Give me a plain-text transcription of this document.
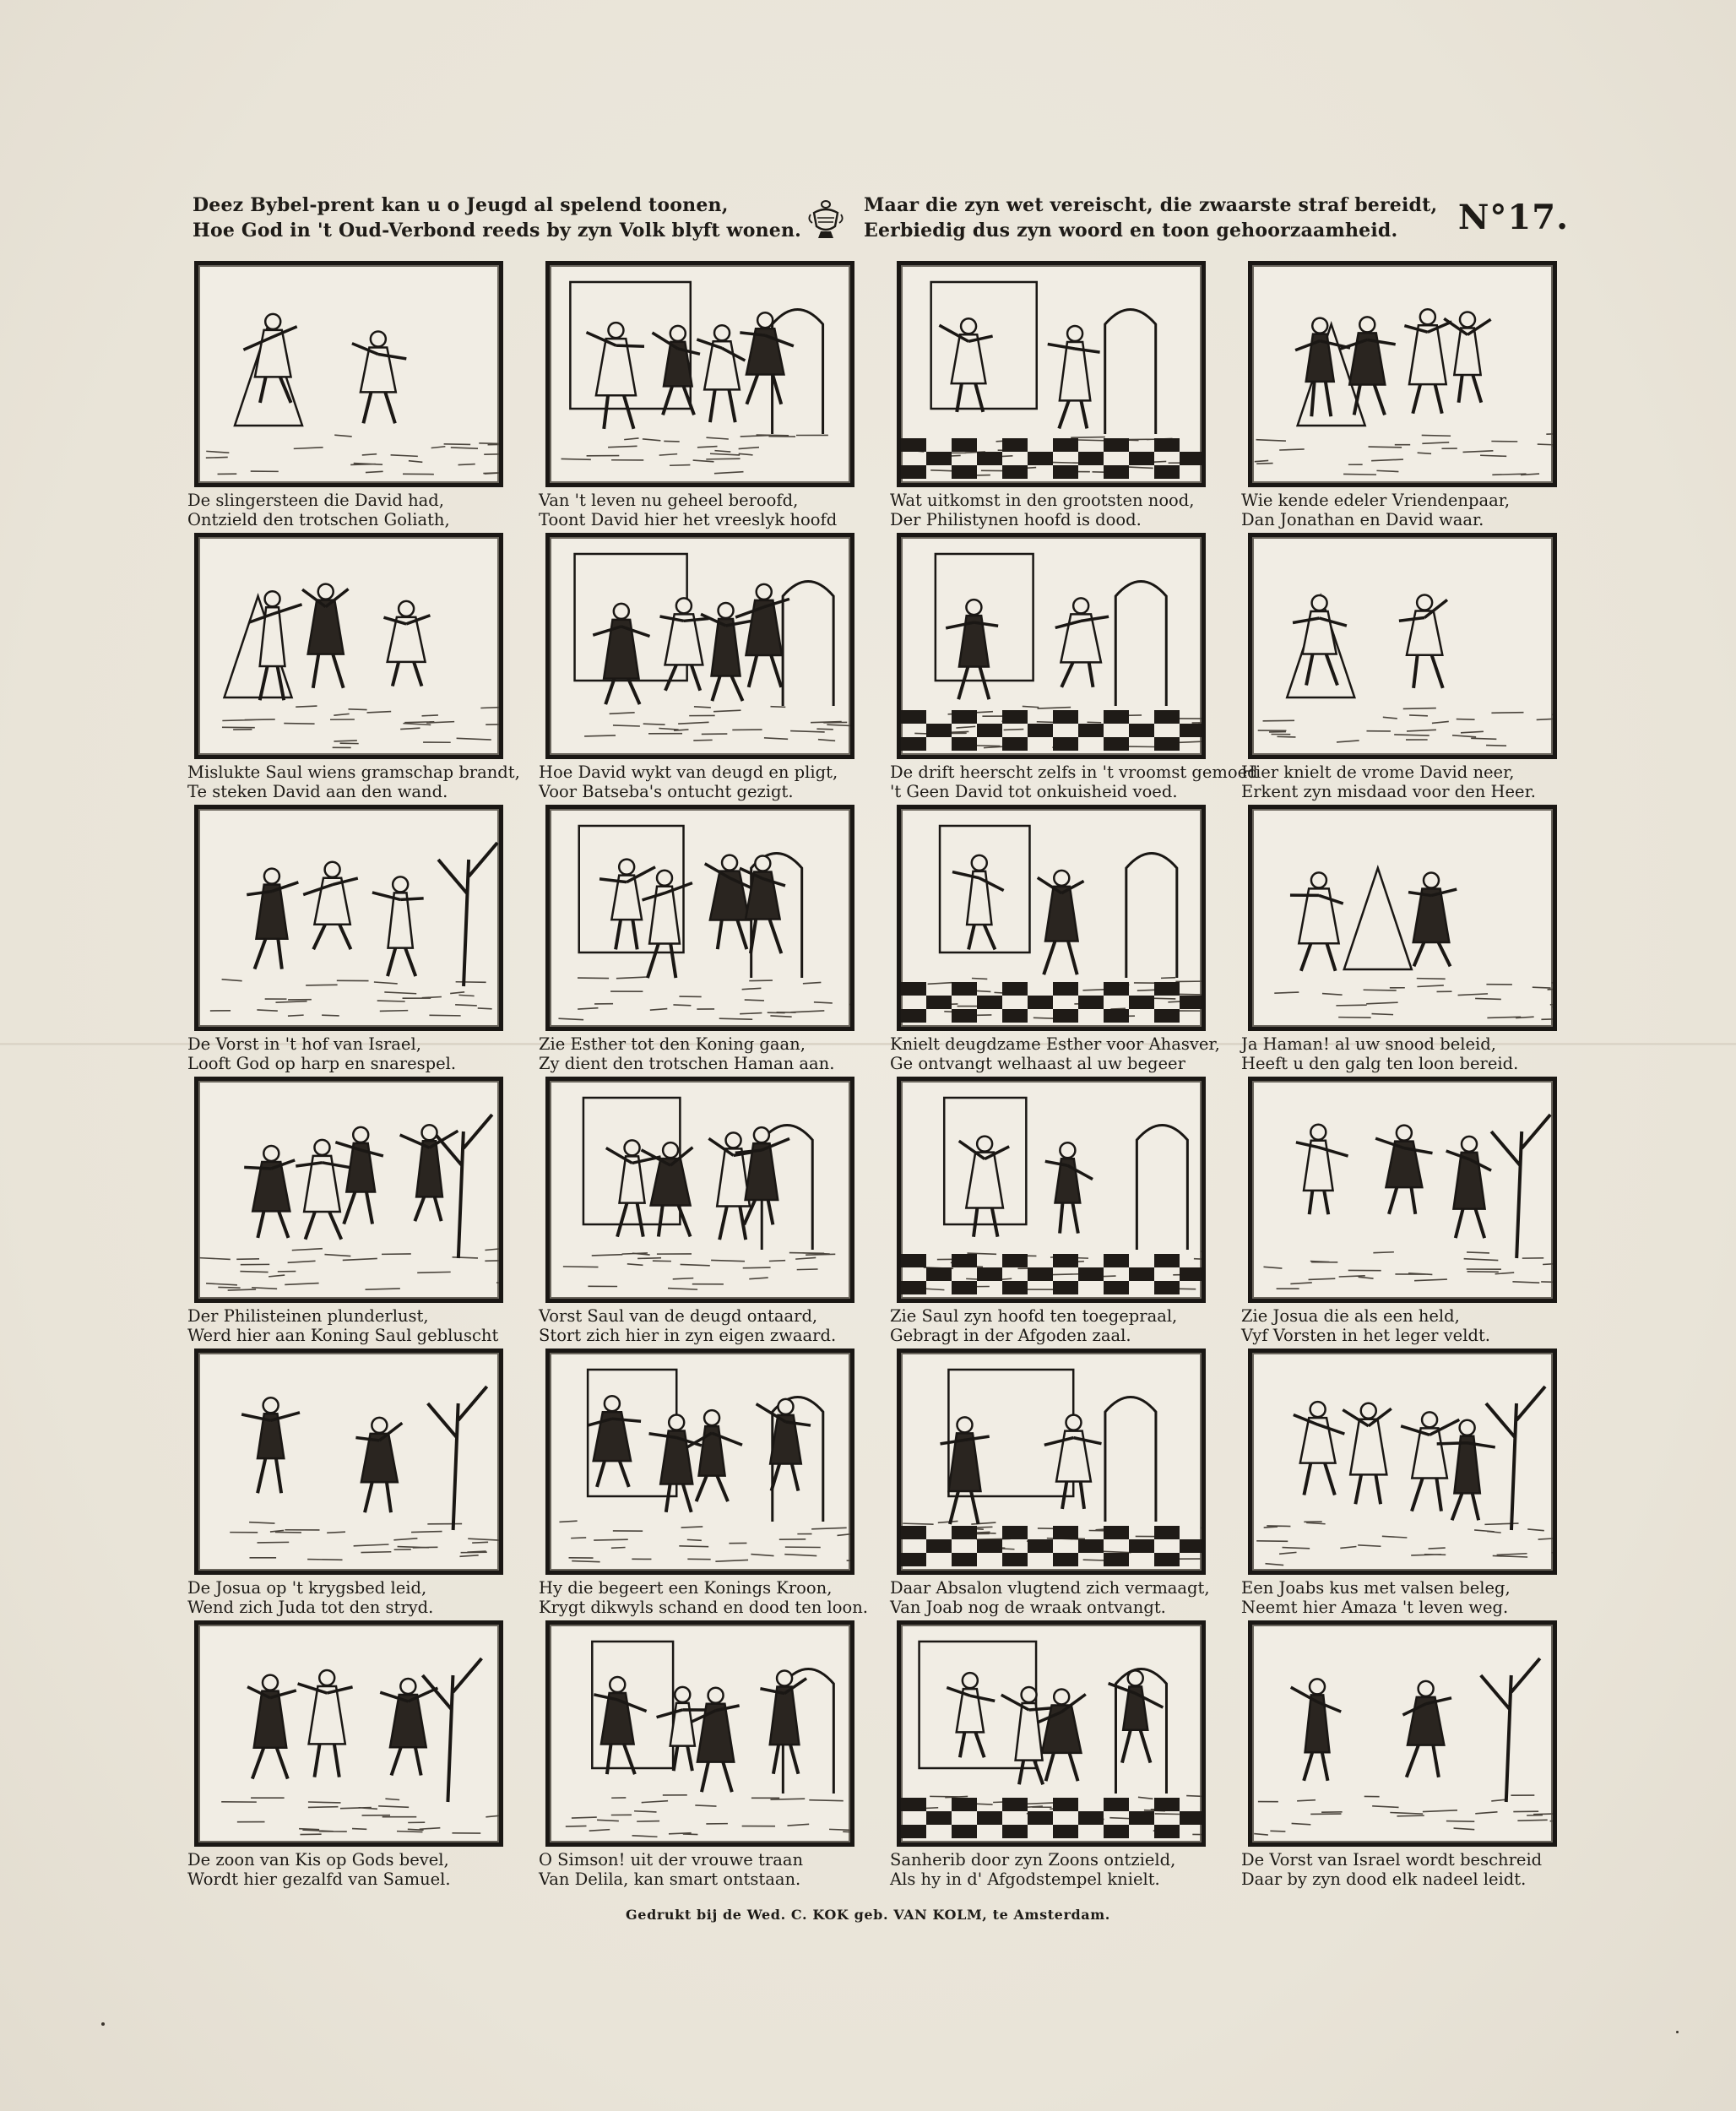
Deez Bybel-prent kan u o Jeugd al spelend toonen,
Hoe God in 't Oud-Verbond reeds by zyn Volk blyft wonen.
Maar die zyn wet vereischt, die zwaarste straf bereidt,
Eerbiedig dus zyn woord en toon gehoorzaamheid.	N°17.
De slingersteen die David had,
Ontzield den trotschen Goliath,
Van 't leven nu geheel beroofd,
Toont David hier het vreeslyk hoofd
Wat uitkomst in den grootsten nood,
Der Philistynen hoofd is dood.
Wie kende edeler Vriendenpaar,
Dan Jonathan en David waar.
Mislukte Saul wiens gramschap brandt,
Te steken David aan den wand.
Hoe David wykt van deugd en pligt,
Voor Batseba's ontucht gezigt.
De drift heerscht zelfs in 't vroomst gemoed
't Geen David tot onkuisheid voed.
Hier knielt de vrome David neer,
Erkent zyn misdaad voor den Heer.
De Vorst in 't hof van Israel,
Looft God op harp en snarespel.
Zie Esther tot den Koning gaan,
Zy dient den trotschen Haman aan.
Knielt deugdzame Esther voor Ahasver,
Ge ontvangt welhaast al uw begeer
Ja Haman! al uw snood beleid,
Heeft u den galg ten loon bereid.
Der Philisteinen plunderlust,
Werd hier aan Koning Saul gebluscht
Vorst Saul van de deugd ontaard,
Stort zich hier in zyn eigen zwaard.
Zie Saul zyn hoofd ten toegepraal,
Gebragt in der Afgoden zaal.
Zie Josua die als een held,
Vyf Vorsten in het leger veldt.
De Josua op 't krygsbed leid,
Wend zich Juda tot den stryd.
Hy die begeert een Konings Kroon,
Krygt dikwyls schand en dood ten loon.
Daar Absalon vlugtend zich vermaagt,
Van Joab nog de wraak ontvangt.
Een Joabs kus met valsen beleg,
Neemt hier Amaza 't leven weg.
De zoon van Kis op Gods bevel,
Wordt hier gezalfd van Samuel.
O Simson! uit der vrouwe traan
Van Delila, kan smart ontstaan.
Sanherib door zyn Zoons ontzield,
Als hy in d' Afgodstempel knielt.
De Vorst van Israel wordt beschreid
Daar by zyn dood elk nadeel leidt.
Gedrukt bij de Wed. C. KOK geb. VAN KOLM, te Amsterdam.
